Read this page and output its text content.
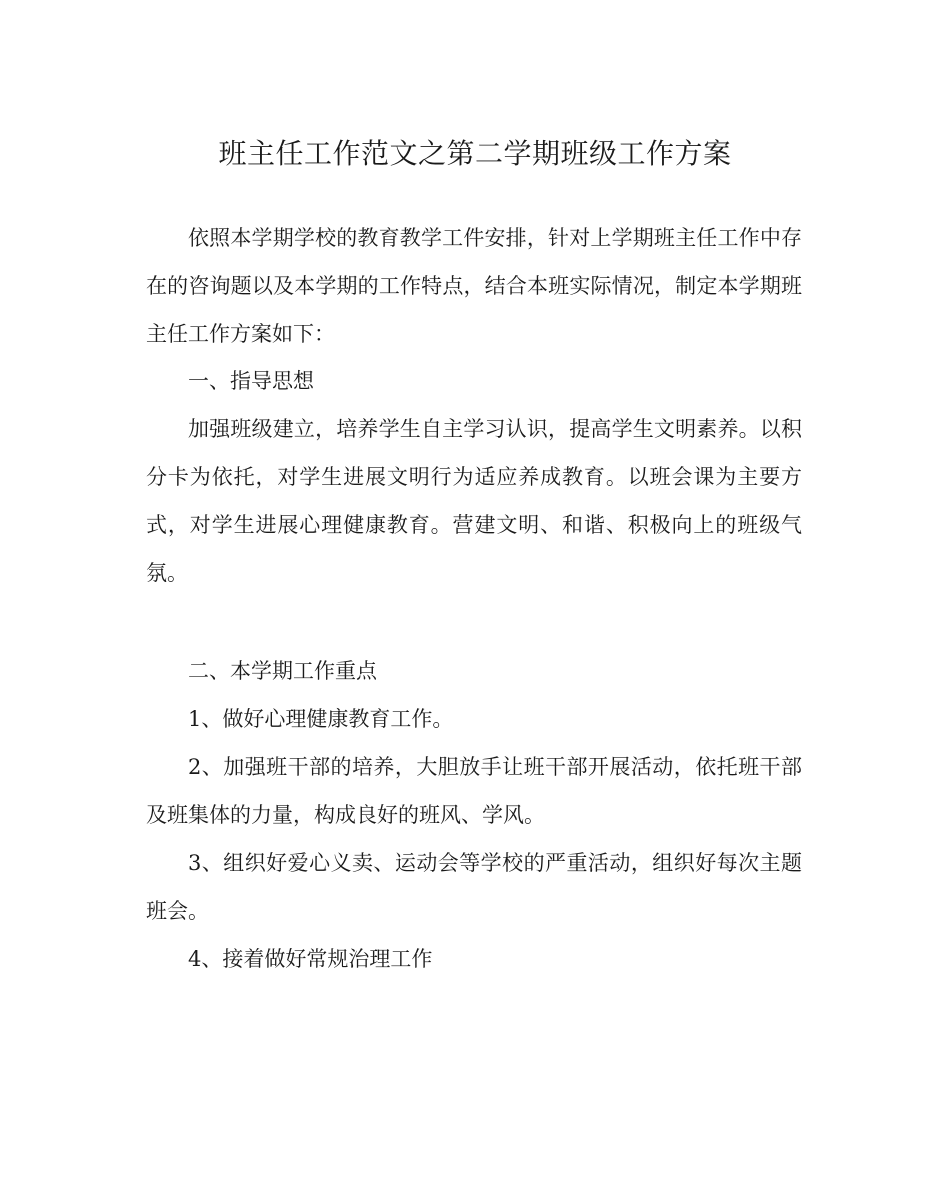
班主任工作范文之第二学期班级工作方案

依照本学期学校的教育教学工件安排，针对上学期班主任工作中存在的咨询题以及本学期的工作特点，结合本班实际情况，制定本学期班主任工作方案如下：

一、指导思想

加强班级建立，培养学生自主学习认识，提高学生文明素养。以积分卡为依托，对学生进展文明行为适应养成教育。以班会课为主要方式，对学生进展心理健康教育。营建文明、和谐、积极向上的班级气氛。

二、本学期工作重点

1、做好心理健康教育工作。

2、加强班干部的培养，大胆放手让班干部开展活动，依托班干部及班集体的力量，构成良好的班风、学风。

3、组织好爱心义卖、运动会等学校的严重活动，组织好每次主题班会。

4、接着做好常规治理工作
